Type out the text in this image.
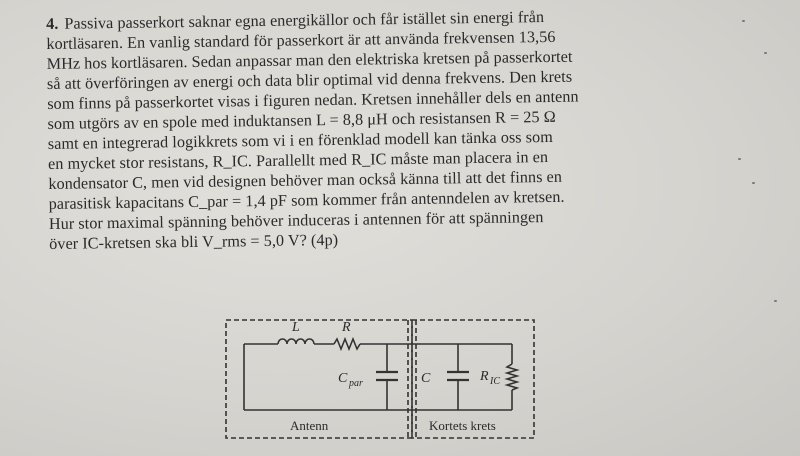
4. Passiva passerkort saknar egna energikällor och får istället sin energi från
kortläsaren. En vanlig standard för passerkort är att använda frekvensen 13,56
MHz hos kortläsaren. Sedan anpassar man den elektriska kretsen på passerkortet
så att överföringen av energi och data blir optimal vid denna frekvens. Den krets
som finns på passerkortet visas i figuren nedan. Kretsen innehåller dels en antenn
som utgörs av en spole med induktansen L = 8,8 μH och resistansen R = 25 Ω
samt en integrerad logikkrets som vi i en förenklad modell kan tänka oss som
en mycket stor resistans, R_IC. Parallellt med R_IC måste man placera in en
kondensator C, men vid designen behöver man också känna till att det finns en
parasitisk kapacitans C_par = 1,4 pF som kommer från antenndelen av kretsen.
Hur stor maximal spänning behöver induceras i antennen för att spänningen
över IC-kretsen ska bli V_rms = 5,0 V? (4p)
L	R
C par	C	R IC
Antenn	Kortets krets
